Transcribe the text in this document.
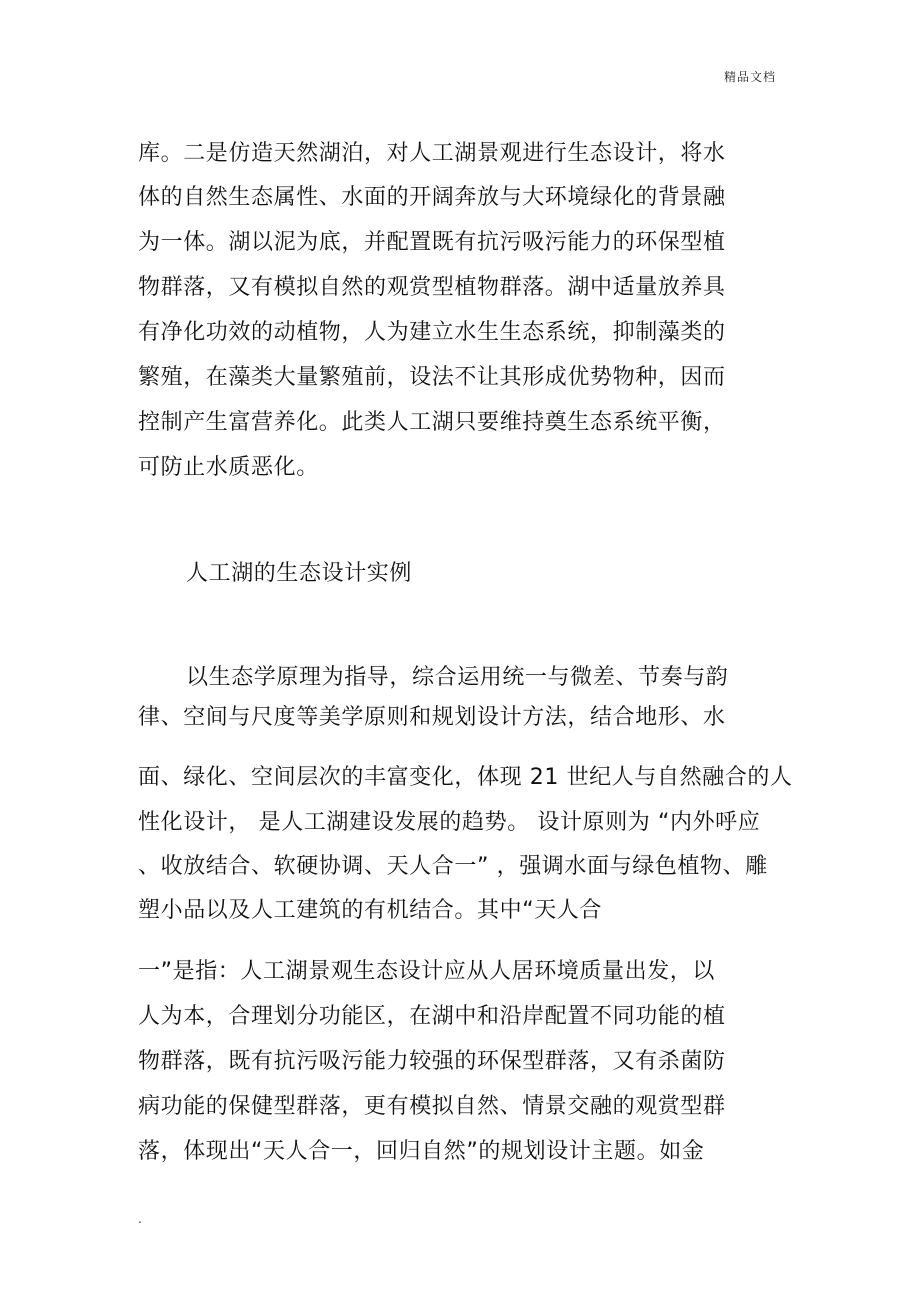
精品文档
库。二是仿造天然湖泊，对人工湖景观进行生态设计，将水
体的自然生态属性、水面的开阔奔放与大环境绿化的背景融
为一体。湖以泥为底，并配置既有抗污吸污能力的环保型植
物群落，又有模拟自然的观赏型植物群落。湖中适量放养具
有净化功效的动植物，人为建立水生生态系统，抑制藻类的
繁殖，在藻类大量繁殖前，设法不让其形成优势物种，因而
控制产生富营养化。此类人工湖只要维持奠生态系统平衡，
可防止水质恶化。
人工湖的生态设计实例
以生态学原理为指导，综合运用统一与微差、节奏与韵
律、空间与尺度等美学原则和规划设计方法，结合地形、水
面、绿化、空间层次的丰富变化，体现 21 世纪人与自然融合的人
性化设计， 是人工湖建设发展的趋势。 设计原则为 “内外呼应
、收放结合、软硬协调、天人合一” ，强调水面与绿色植物、雕
塑小品以及人工建筑的有机结合。其中“天人合
一”是指：人工湖景观生态设计应从人居环境质量出发，以
人为本，合理划分功能区，在湖中和沿岸配置不同功能的植
物群落，既有抗污吸污能力较强的环保型群落，又有杀菌防
病功能的保健型群落，更有模拟自然、情景交融的观赏型群
落，体现出“天人合一，回归自然”的规划设计主题。如金
.
